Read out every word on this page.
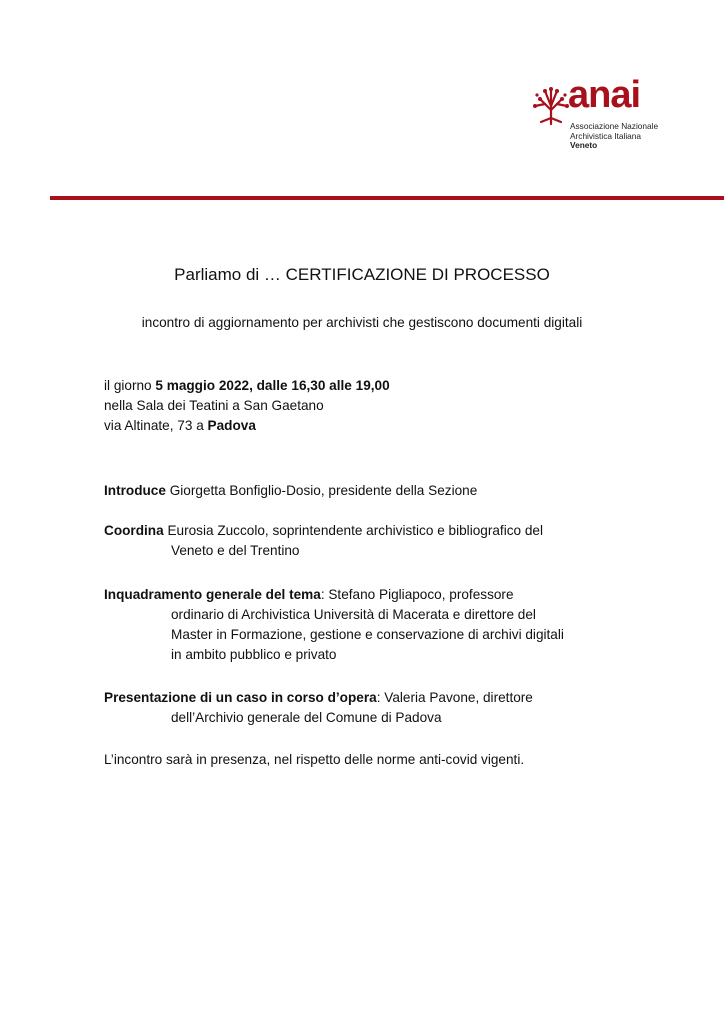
anai
Associazione Nazionale
Archivistica Italiana
Veneto
Parliamo di … CERTIFICAZIONE DI PROCESSO
incontro di aggiornamento per archivisti che gestiscono documenti digitali
il giorno 5 maggio 2022, dalle 16,30 alle 19,00
nella Sala dei Teatini a San Gaetano
via Altinate, 73 a Padova
Introduce Giorgetta Bonfiglio-Dosio, presidente della Sezione
Coordina Eurosia Zuccolo, soprintendente archivistico e bibliografico del
Veneto e del Trentino
Inquadramento generale del tema: Stefano Pigliapoco, professore
ordinario di Archivistica Università di Macerata e direttore del
Master in Formazione, gestione e conservazione di archivi digitali
in ambito pubblico e privato
Presentazione di un caso in corso d’opera: Valeria Pavone, direttore
dell’Archivio generale del Comune di Padova
L’incontro sarà in presenza, nel rispetto delle norme anti-covid vigenti.
